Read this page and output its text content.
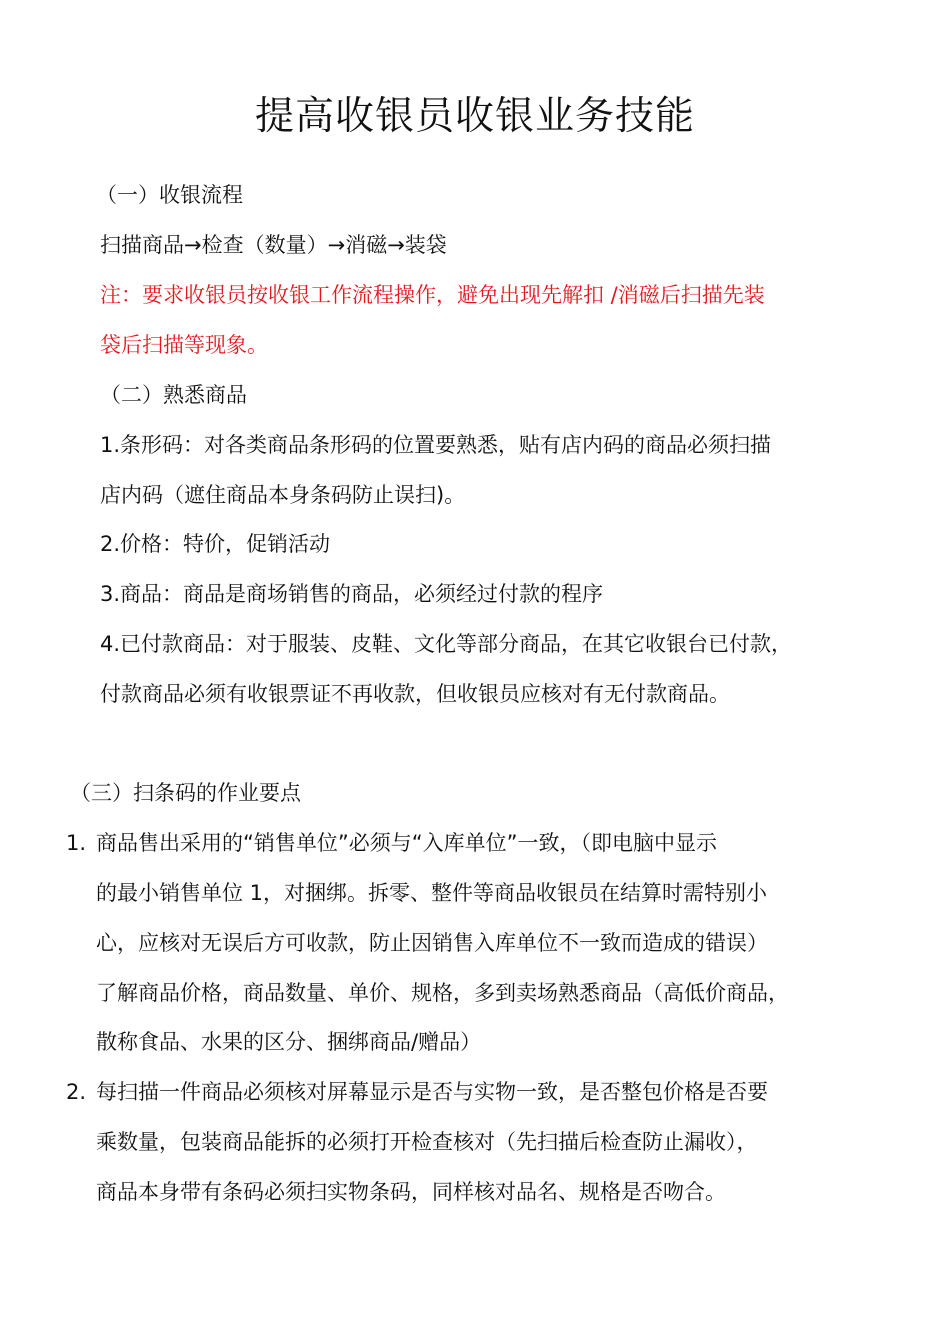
提高收银员收银业务技能
（一）收银流程
扫描商品→检查（数量）→消磁→装袋
注：要求收银员按收银工作流程操作，避免出现先解扣 /消磁后扫描先装
袋后扫描等现象。
（二）熟悉商品
1.条形码：对各类商品条形码的位置要熟悉，贴有店内码的商品必须扫描
店内码（遮住商品本身条码防止误扫)。
2.价格：特价，促销活动
3.商品：商品是商场销售的商品，必须经过付款的程序
4.已付款商品：对于服装、皮鞋、文化等部分商品，在其它收银台已付款，
付款商品必须有收银票证不再收款，但收银员应核对有无付款商品。
（三）扫条码的作业要点
1. 商品售出采用的“销售单位”必须与“入库单位”一致，（即电脑中显示
的最小销售单位 1，对捆绑。拆零、整件等商品收银员在结算时需特别小
心，应核对无误后方可收款，防止因销售入库单位不一致而造成的错误）
了解商品价格，商品数量、单价、规格，多到卖场熟悉商品（高低价商品，
散称食品、水果的区分、捆绑商品/赠品）
2. 每扫描一件商品必须核对屏幕显示是否与实物一致，是否整包价格是否要
乘数量，包装商品能拆的必须打开检查核对（先扫描后检查防止漏收），
商品本身带有条码必须扫实物条码，同样核对品名、规格是否吻合。
